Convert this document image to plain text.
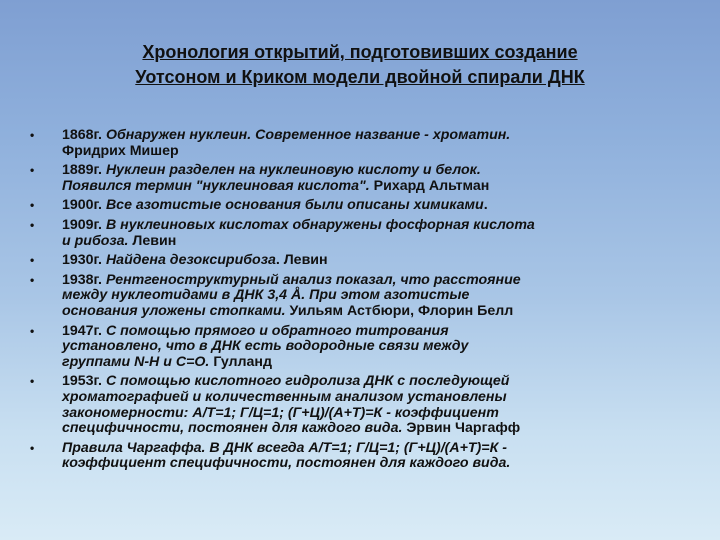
Хронология открытий, подготовивших создание
Уотсоном и Криком модели двойной спирали ДНК
• 1868г. Обнаружен нуклеин. Современное название - хроматин.
Фридрих Мишер
• 1889г. Нуклеин разделен на нуклеиновую кислоту и белок.
Появился термин "нуклеиновая кислота". Рихард Альтман
• 1900г. Все азотистые основания были описаны химиками.
• 1909г. В нуклеиновых кислотах обнаружены фосфорная кислота
и рибоза. Левин
• 1930г. Найдена дезоксирибоза. Левин
• 1938г. Рентгеноструктурный анализ показал, что расстояние
между нуклеотидами в ДНК 3,4 Å. При этом азотистые
основания уложены стопками. Уильям Астбюри, Флорин Белл
• 1947г. С помощью прямого и обратного титрования
установлено, что в ДНК есть водородные связи между
группами N-H и C=O. Гулланд
• 1953г. С помощью кислотного гидролиза ДНК с последующей
хроматографией и количественным анализом установлены
закономерности: А/Т=1; Г/Ц=1; (Г+Ц)/(А+Т)=К - коэффициент
специфичности, постоянен для каждого вида. Эрвин Чаргафф
• Правила Чаргаффа. В ДНК всегда А/Т=1; Г/Ц=1; (Г+Ц)/(А+Т)=К -
коэффициент специфичности, постоянен для каждого вида.
